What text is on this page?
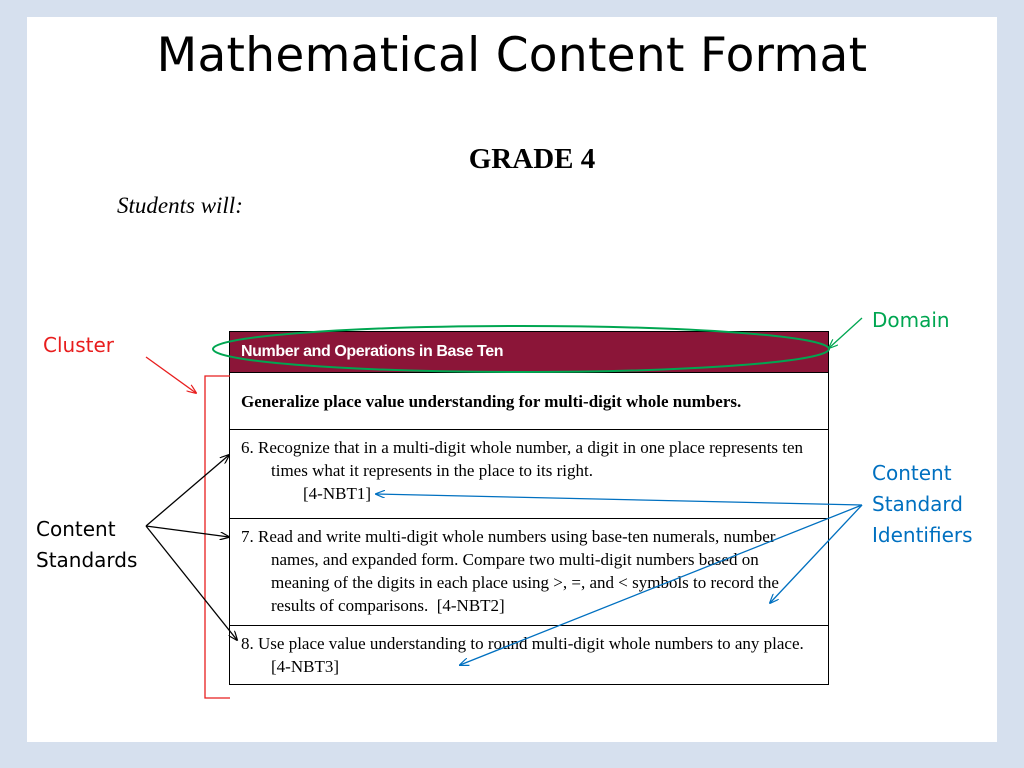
Mathematical Content Format
GRADE 4
Students will:
Number and Operations in Base Ten
Generalize place value understanding for multi-digit whole numbers.

6. Recognize that in a multi-digit whole number, a digit in one place represents ten times what it represents in the place to its right.
[4-NBT1]

7. Read and write multi-digit whole numbers using base-ten numerals, number names, and expanded form. Compare two multi-digit numbers based on meaning of the digits in each place using >, =, and < symbols to record the results of comparisons. [4-NBT2]

8. Use place value understanding to round multi-digit whole numbers to any place.  [4-NBT3]
Domain
Cluster
Content
Standards
Content
Standard
Identifiers
